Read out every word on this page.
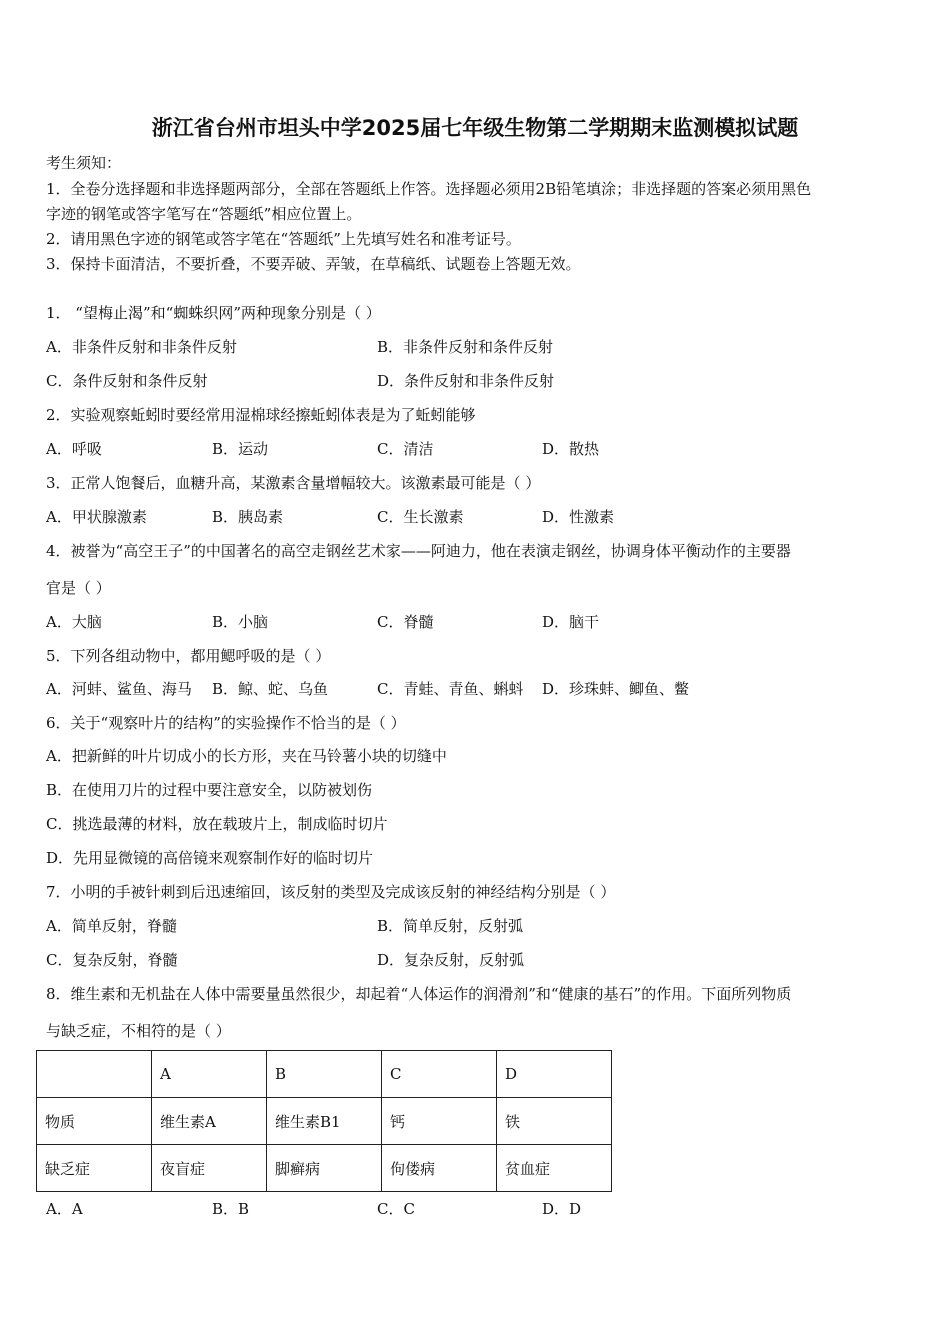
浙江省台州市坦头中学2025届七年级生物第二学期期末监测模拟试题
考生须知：
1．全卷分选择题和非选择题两部分，全部在答题纸上作答。选择题必须用2B铅笔填涂；非选择题的答案必须用黑色
字迹的钢笔或答字笔写在“答题纸”相应位置上。
2．请用黑色字迹的钢笔或答字笔在“答题纸”上先填写姓名和准考证号。
3．保持卡面清洁，不要折叠，不要弄破、弄皱，在草稿纸、试题卷上答题无效。
1． “望梅止渴”和“蜘蛛织网”两种现象分别是（ ）
A．非条件反射和非条件反射	B．非条件反射和条件反射
C．条件反射和条件反射	D．条件反射和非条件反射
2．实验观察蚯蚓时要经常用湿棉球经擦蚯蚓体表是为了蚯蚓能够
A．呼吸	B．运动	C．清洁	D．散热
3．正常人饱餐后，血糖升高，某激素含量增幅较大。该激素最可能是（ ）
A．甲状腺激素	B．胰岛素	C．生长激素	D．性激素
4．被誉为“高空王子”的中国著名的高空走钢丝艺术家——阿迪力，他在表演走钢丝，协调身体平衡动作的主要器
官是（ ）
A．大脑	B．小脑	C．脊髓	D．脑干
5．下列各组动物中，都用鳃呼吸的是（ ）
A．河蚌、鲨鱼、海马 B．鲸、蛇、乌鱼	C．青蛙、青鱼、蝌蚪 D．珍珠蚌、鲫鱼、鳖
6．关于“观察叶片的结构”的实验操作不恰当的是（ ）
A．把新鲜的叶片切成小的长方形，夹在马铃薯小块的切缝中
B．在使用刀片的过程中要注意安全，以防被划伤
C．挑选最薄的材料，放在载玻片上，制成临时切片
D．先用显微镜的高倍镜来观察制作好的临时切片
7．小明的手被针刺到后迅速缩回，该反射的类型及完成该反射的神经结构分别是（ ）
A．简单反射，脊髓	B．简单反射，反射弧
C．复杂反射，脊髓	D．复杂反射，反射弧
8．维生素和无机盐在人体中需要量虽然很少，却起着“人体运作的润滑剂”和“健康的基石”的作用。下面所列物质
与缺乏症，不相符的是（ ）
	A	B	C	D
物质	维生素A	维生素B1	钙	铁
缺乏症	夜盲症	脚癣病	佝偻病	贫血症
A．A	B．B	C．C	D．D
